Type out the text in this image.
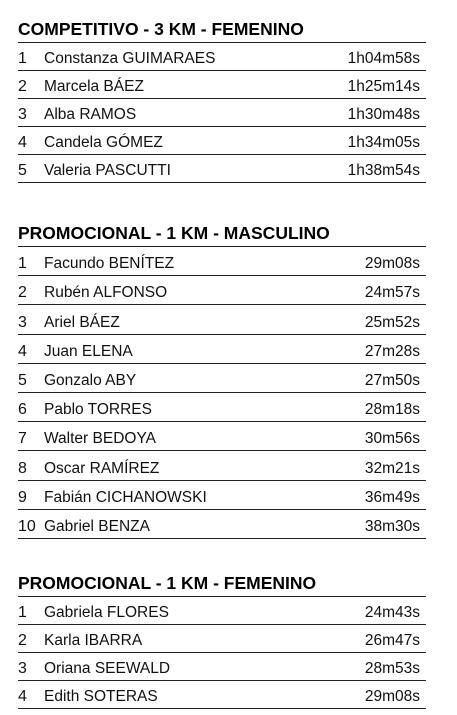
COMPETITIVO - 3 KM - FEMENINO
1	Constanza GUIMARAES	1h04m58s
2	Marcela BÁEZ	1h25m14s
3	Alba RAMOS	1h30m48s
4	Candela GÓMEZ	1h34m05s
5	Valeria PASCUTTI	1h38m54s
PROMOCIONAL - 1 KM - MASCULINO
1	Facundo BENÍTEZ	29m08s
2	Rubén ALFONSO	24m57s
3	Ariel BÁEZ	25m52s
4	Juan ELENA	27m28s
5	Gonzalo ABY	27m50s
6	Pablo TORRES	28m18s
7	Walter BEDOYA	30m56s
8	Oscar RAMÍREZ	32m21s
9	Fabián CICHANOWSKI	36m49s
10 Gabriel BENZA	38m30s
PROMOCIONAL - 1 KM - FEMENINO
1	Gabriela FLORES	24m43s
2	Karla IBARRA	26m47s
3	Oriana SEEWALD	28m53s
4	Edith SOTERAS	29m08s
